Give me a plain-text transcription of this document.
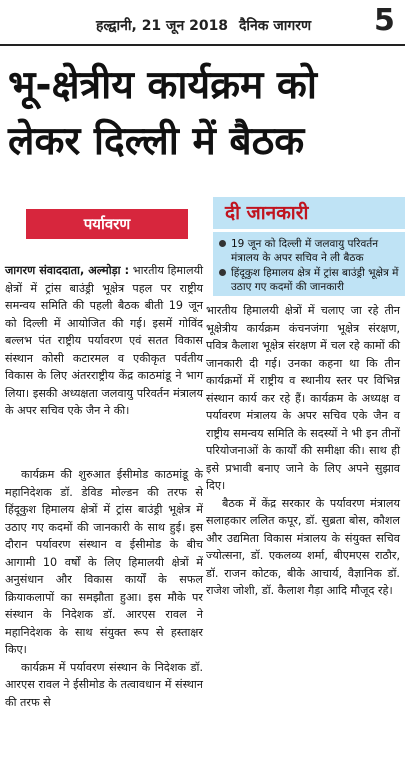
हल्द्वानी, 21 जून 2018 दैनिक जागरण 5
भू-क्षेत्रीय कार्यक्रम को लेकर दिल्ली में बैठक
पर्यावरण	दी जानकारी
19 जून को दिल्ली में जलवायु परिवर्तन मंत्रालय के अपर सचिव ने ली बैठक
हिंदूकुश हिमालय क्षेत्र में ट्रांस बाउंड्री भूक्षेत्र में उठाए गए कदमों की जानकारी

जागरण संवाददाता, अल्मोड़ा : भारतीय हिमालयी क्षेत्रों में ट्रांस बाउंड्री भूक्षेत्र पहल पर राष्ट्रीय समन्वय समिति की पहली बैठक बीती 19 जून को दिल्ली में आयोजित की गई। इसमें गोविंद बल्लभ पंत राष्ट्रीय पर्यावरण एवं सतत विकास संस्थान कोसी कटारमल व एकीकृत पर्वतीय विकास के लिए अंतरराष्ट्रीय केंद्र काठमांडू ने भाग लिया। इसकी अध्यक्षता जलवायु परिवर्तन मंत्रालय के अपर सचिव एके जैन ने की।

कार्यक्रम की शुरुआत ईसीमोड काठमांडू के महानिदेशक डॉ. डेविड मोल्डन की तरफ से हिंदूकुश हिमालय क्षेत्रों में ट्रांस बाउंड्री भूक्षेत्र में उठाए गए कदमों की जानकारी के साथ हुई। इस दौरान पर्यावरण संस्थान व ईसीमोड के बीच आगामी 10 वर्षों के लिए हिमालयी क्षेत्रों में अनुसंधान और विकास कार्यों के सफल क्रियाकलापों का समझौता हुआ। इस मौके पर संस्थान के निदेशक डॉ. आरएस रावल ने महानिदेशक के साथ संयुक्त रूप से हस्ताक्षर किए।

कार्यक्रम में पर्यावरण संस्थान के निदेशक डॉ. आरएस रावल ने ईसीमोड के तत्वावधान में संस्थान की तरफ से

भारतीय हिमालयी क्षेत्रों में चलाए जा रहे तीन भूक्षेत्रीय कार्यक्रम कंचनजंगा भूक्षेत्र संरक्षण, पवित्र कैलाश भूक्षेत्र संरक्षण में चल रहे कामों की जानकारी दी गई। उनका कहना था कि तीन कार्यक्रमों में राष्ट्रीय व स्थानीय स्तर पर विभिन्न संस्थान कार्य कर रहे हैं। कार्यक्रम के अध्यक्ष व पर्यावरण मंत्रालय के अपर सचिव एके जैन व राष्ट्रीय समन्वय समिति के सदस्यों ने भी इन तीनों परियोजनाओं के कार्यों की समीक्षा की। साथ ही इसे प्रभावी बनाए जाने के लिए अपने सुझाव दिए।

बैठक में केंद्र सरकार के पर्यावरण मंत्रालय सलाहकार ललित कपूर, डॉ. सुब्रता बोस, कौशल और उद्यमिता विकास मंत्रालय के संयुक्त सचिव ज्योत्सना, डॉ. एकलव्य शर्मा, बीएमएस राठौर, डॉ. राजन कोटक, बीके आचार्य, वैज्ञानिक डॉ. राजेश जोशी, डॉ. कैलाश गैड़ा आदि मौजूद रहे।
